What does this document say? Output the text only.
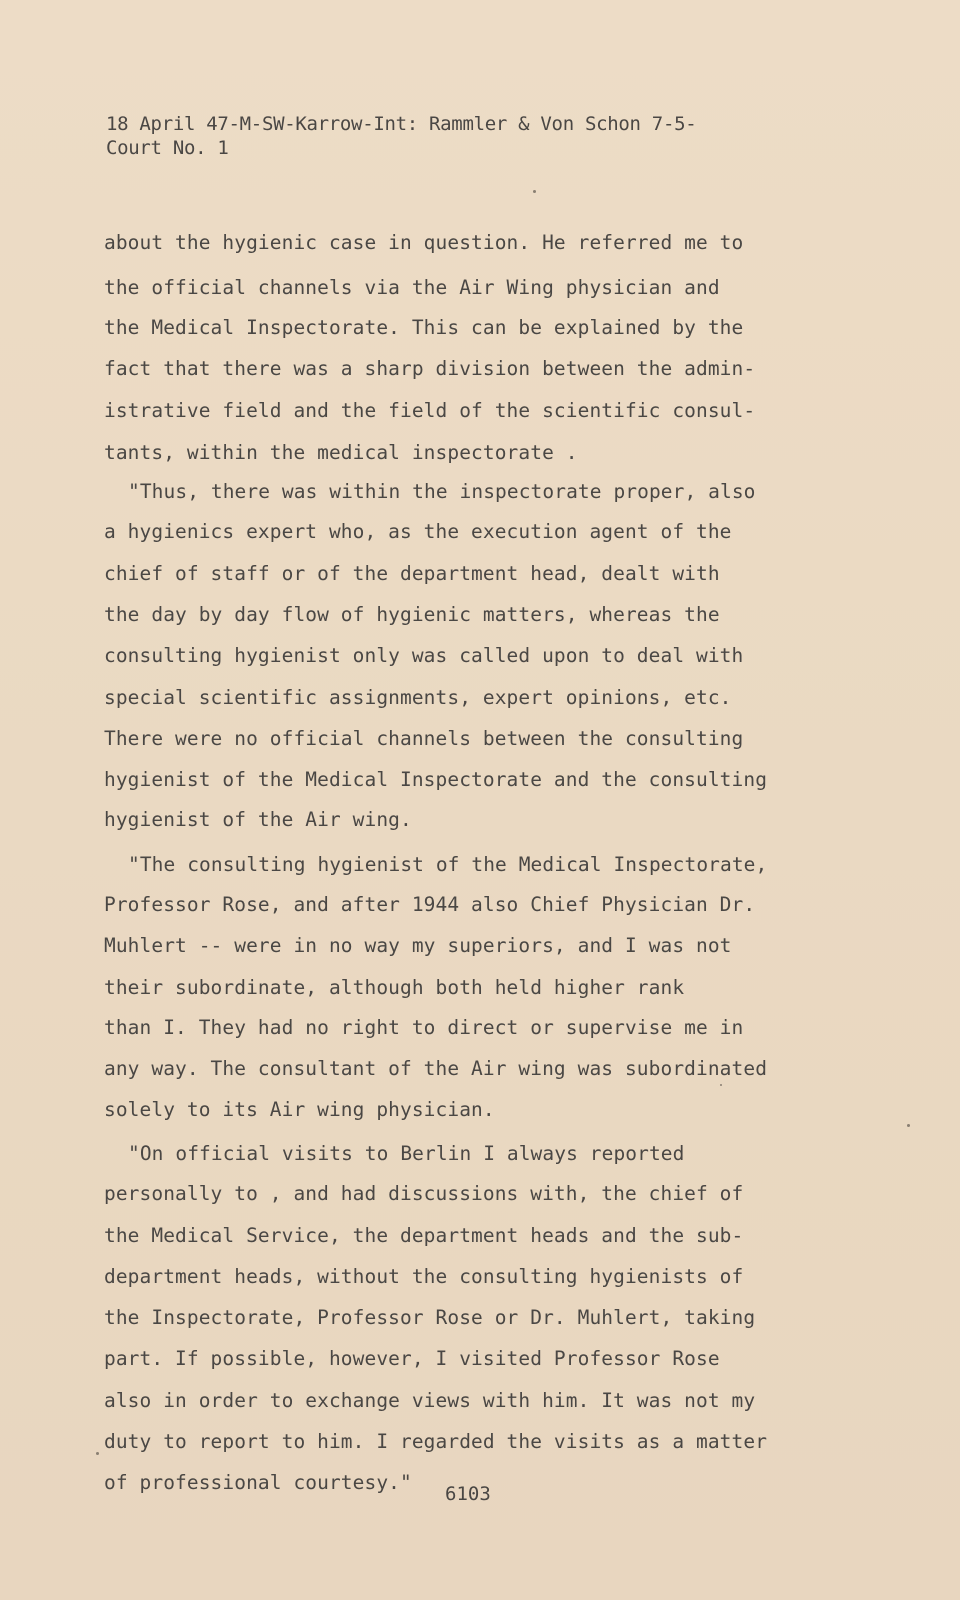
18 April 47-M-SW-Karrow-Int: Rammler & Von Schon 7-5-
Court No. 1
about the hygienic case in question. He referred me to
the official channels via the Air Wing physician and
the Medical Inspectorate. This can be explained by the
fact that there was a sharp division between the admin-
istrative field and the field of the scientific consul-
tants, within the medical inspectorate .
"Thus, there was within the inspectorate proper, also
a hygienics expert who, as the execution agent of the
chief of staff or of the department head, dealt with
the day by day flow of hygienic matters, whereas the
consulting hygienist only was called upon to deal with
special scientific assignments, expert opinions, etc.
There were no official channels between the consulting
hygienist of the Medical Inspectorate and the consulting
hygienist of the Air wing.
"The consulting hygienist of the Medical Inspectorate,
Professor Rose, and after 1944 also Chief Physician Dr.
Muhlert -- were in no way my superiors, and I was not
their subordinate, although both held higher rank
than I. They had no right to direct or supervise me in
any way. The consultant of the Air wing was subordinated
solely to its Air wing physician.
"On official visits to Berlin I always reported
personally to , and had discussions with, the chief of
the Medical Service, the department heads and the sub-
department heads, without the consulting hygienists of
the Inspectorate, Professor Rose or Dr. Muhlert, taking
part. If possible, however, I visited Professor Rose
also in order to exchange views with him. It was not my
duty to report to him. I regarded the visits as a matter
of professional courtesy." 6103
